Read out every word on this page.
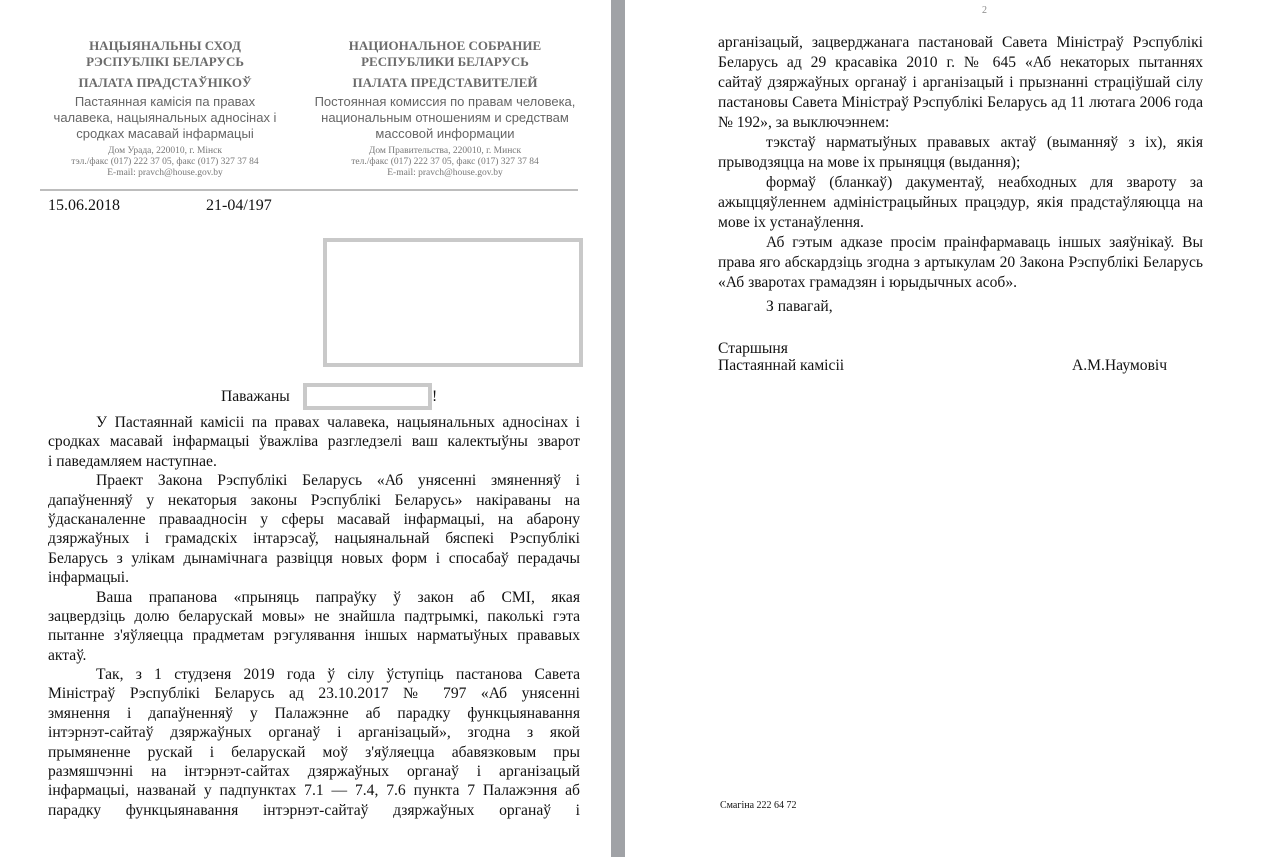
НАЦЫЯНАЛЬНЫ СХОД
РЭСПУБЛІКІ БЕЛАРУСЬ
ПАЛАТА ПРАДСТАЎНІКОЎ
Пастаянная камісія па правах
чалавека, нацыянальных адносінах і
сродках масавай інфармацыі
Дом Урада, 220010, г. Мінск
тэл./факс (017) 222 37 05, факс (017) 327 37 84
E-mail: pravch@house.gov.by
НАЦИОНАЛЬНОЕ СОБРАНИЕ
РЕСПУБЛИКИ БЕЛАРУСЬ
ПАЛАТА ПРЕДСТАВИТЕЛЕЙ
Постоянная комиссия по правам человека,
национальным отношениям и средствам
массовой информации
Дом Правительства, 220010, г. Минск
тел./факс (017) 222 37 05, факс (017) 327 37 84
E-mail: pravch@house.gov.by
15.06.2018	21-04/197
Паважаны	!
У Пастаяннай камісіі па правах чалавека, нацыянальных адносінах і
сродках масавай інфармацыі ўважліва разгледзелі ваш калектыўны зварот
і паведамляем наступнае.
Праект Закона Рэспублікі Беларусь «Аб унясенні змяненняў і
дапаўненняў у некаторыя законы Рэспублікі Беларусь» накіраваны на
ўдасканаленне праваадносін у сферы масавай інфармацыі, на абарону
дзяржаўных і грамадскіх інтарэсаў, нацыянальнай бяспекі Рэспублікі
Беларусь з улікам дынамічнага развіцця новых форм і спосабаў перадачы
інфармацыі.
Ваша прапанова «прыняць папраўку ў закон аб СМІ, якая
зацвердзіць долю беларускай мовы» не знайшла падтрымкі, паколькі гэта
пытанне з'яўляецца прадметам рэгулявання іншых нарматыўных прававых
актаў.
Так, з 1 студзеня 2019 года ў сілу ўступіць пастанова Савета
Міністраў Рэспублікі Беларусь ад 23.10.2017 № 797 «Аб унясенні
змянення і дапаўненняў у Палажэнне аб парадку функцыянавання
інтэрнэт-сайтаў дзяржаўных органаў і арганізацый», згодна з якой
прымяненне рускай і беларускай моў з'яўляецца абавязковым пры
размяшчэнні на інтэрнэт-сайтах дзяржаўных органаў і арганізацый
інфармацыі, названай у падпунктах 7.1 — 7.4, 7.6 пункта 7 Палажэння аб
парадку функцыянавання інтэрнэт-сайтаў дзяржаўных органаў і
2
арганізацый, зацверджанага пастановай Савета Міністраў Рэспублікі
Беларусь ад 29 красавіка 2010 г. № 645 «Аб некаторых пытаннях
сайтаў дзяржаўных органаў і арганізацый і прызнанні страціўшай сілу
пастановы Савета Міністраў Рэспублікі Беларусь ад 11 лютага 2006 года
№ 192», за выключэннем:
тэкстаў нарматыўных прававых актаў (выманняў з іх), якія
прыводзяцца на мове іх прыняцця (выдання);
формаў (бланкаў) дакументаў, неабходных для звароту за
ажыццяўленнем адміністрацыйных працэдур, якія прадстаўляюцца на
мове іх устанаўлення.
Аб гэтым адказе просім праінфармаваць іншых заяўнікаў. Вы
права яго абскардзіць згодна з артыкулам 20 Закона Рэспублікі Беларусь
«Аб зваротах грамадзян і юрыдычных асоб».
З павагай,
Старшыня
Пастаяннай камісіі	А.М.Наумовіч
Смагіна 222 64 72
